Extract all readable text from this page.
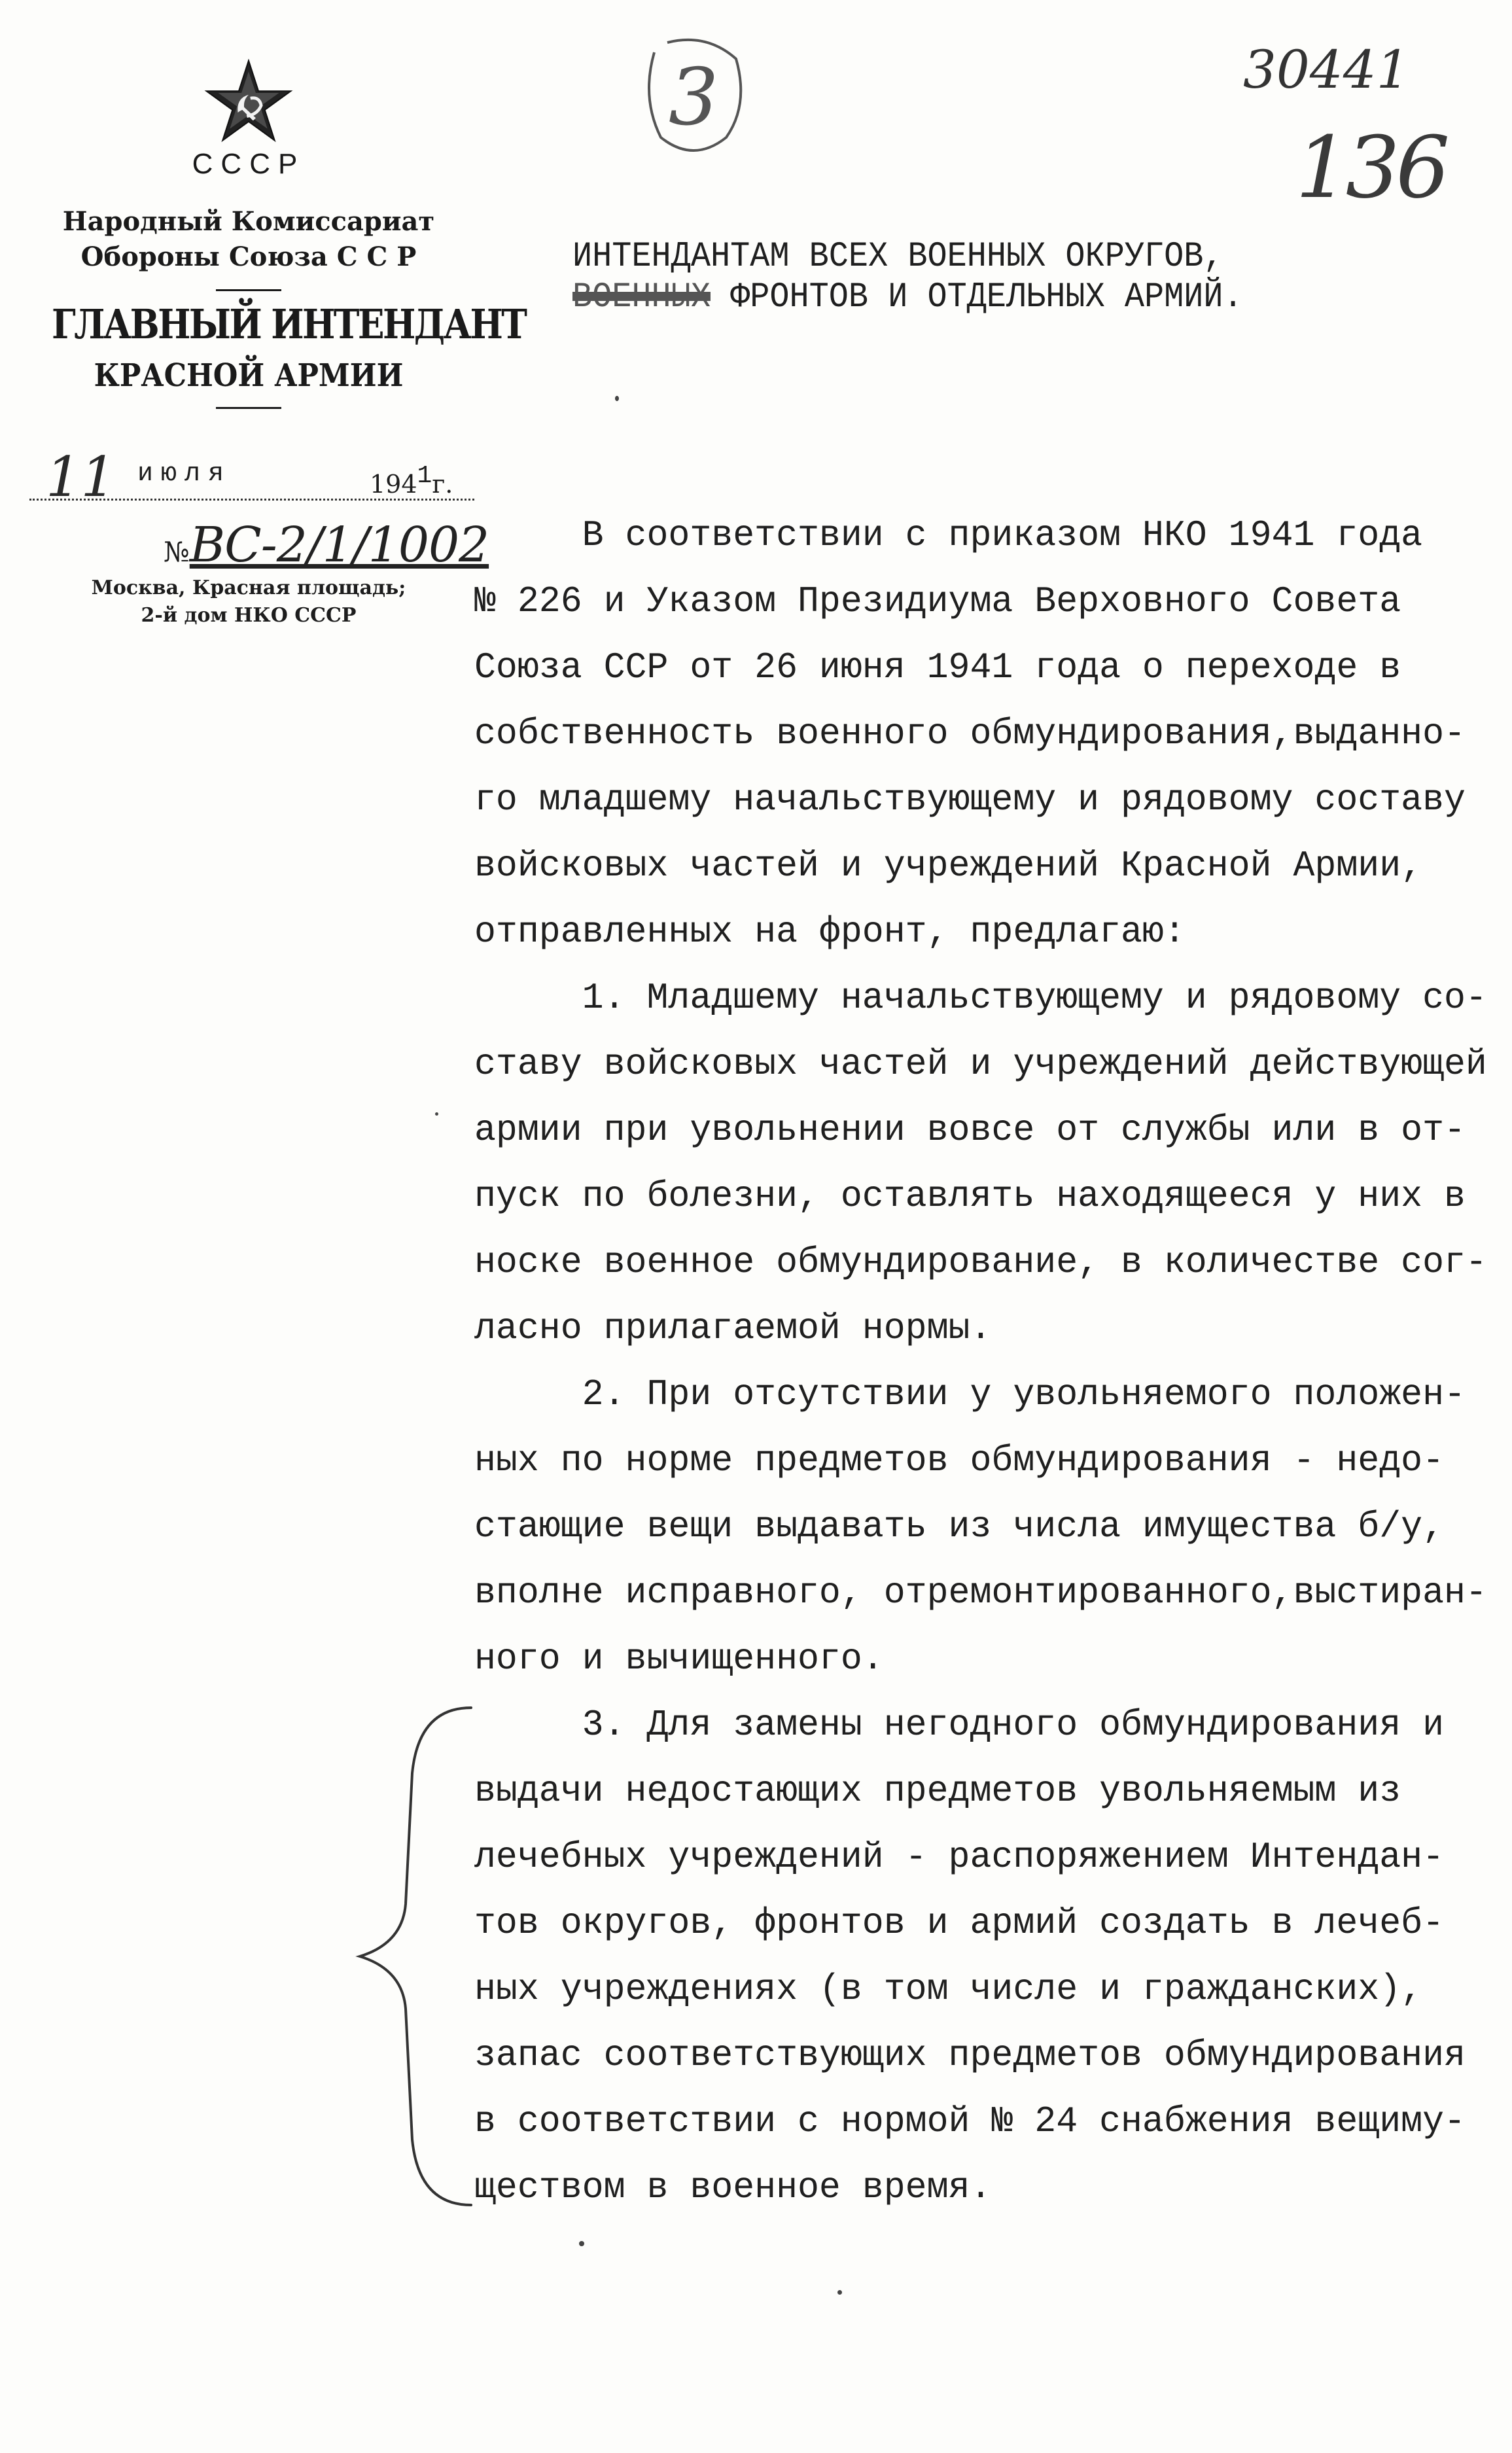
СССР
Народный Комиссариат
Обороны Союза С С Р
ГЛАВНЫЙ ИНТЕНДАНТ
КРАСНОЙ АРМИИ
11 июля	1941г.
№ВС-2/1/1002
Москва, Красная площадь;
2-й дом НКО СССР
3	30441
136
ИНТЕНДАНТАМ ВСЕХ ВОЕННЫХ ОКРУГОВ,
ВОЕННЫХ ФРОНТОВ И ОТДЕЛЬНЫХ АРМИЙ.
В соответствии с приказом НКО 1941 года
№ 226 и Указом Президиума Верховного Совета
Союза ССР от 26 июня 1941 года о переходе в
собственность военного обмундирования,выданно-
го младшему начальствующему и рядовому составу
войсковых частей и учреждений Красной Армии,
отправленных на фронт, предлагаю:
1. Младшему начальствующему и рядовому со-
ставу войсковых частей и учреждений действующей
армии при увольнении вовсе от службы или в от-
пуск по болезни, оставлять находящееся у них в
носке военное обмундирование, в количестве сог-
ласно прилагаемой нормы.
2. При отсутствии у увольняемого положен-
ных по норме предметов обмундирования - недо-
стающие вещи выдавать из числа имущества б/у,
вполне исправного, отремонтированного,выстиран-
ного и вычищенного.
3. Для замены негодного обмундирования и
выдачи недостающих предметов увольняемым из
лечебных учреждений - распоряжением Интендан-
тов округов, фронтов и армий создать в лечеб-
ных учреждениях (в том числе и гражданских),
запас соответствующих предметов обмундирования
в соответствии с нормой № 24 снабжения вещиму-
ществом в военное время.
